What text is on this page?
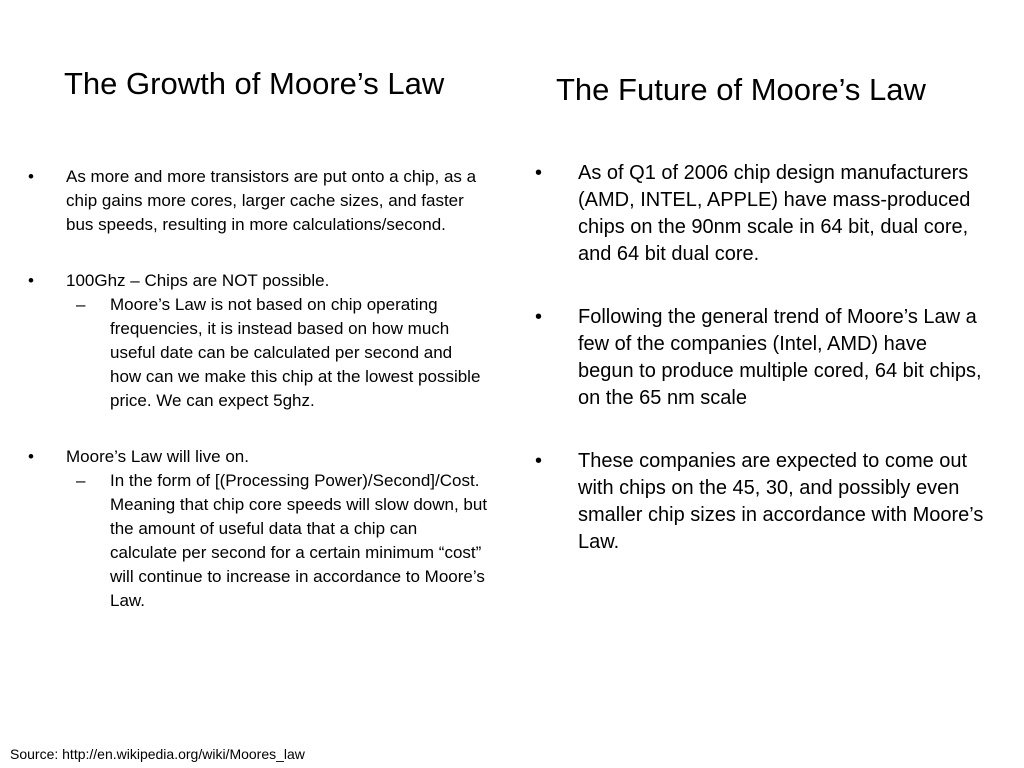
The Growth of Moore’s Law	The Future of Moore’s Law
•	As more and more transistors are put onto a chip, as a chip gains more cores, larger cache sizes, and faster bus speeds, resulting in more calculations/second.
•	100Ghz – Chips are NOT possible.
– Moore’s Law is not based on chip operating frequencies, it is instead based on how much useful date can be calculated per second and how can we make this chip at the lowest possible price. We can expect 5ghz.
•	Moore’s Law will live on.
– In the form of [(Processing Power)/Second]/Cost. Meaning that chip core speeds will slow down, but the amount of useful data that a chip can calculate per second for a certain minimum “cost” will continue to increase in accordance to Moore’s Law.
•	As of Q1 of 2006 chip design manufacturers (AMD, INTEL, APPLE) have mass-produced chips on the 90nm scale in 64 bit, dual core, and 64 bit dual core.
•	Following the general trend of Moore’s Law a few of the companies (Intel, AMD) have begun to produce multiple cored, 64 bit chips, on the 65 nm scale
•	These companies are expected to come out with chips on the 45, 30, and possibly even smaller chip sizes in accordance with Moore’s Law.
Source: http://en.wikipedia.org/wiki/Moores_law
